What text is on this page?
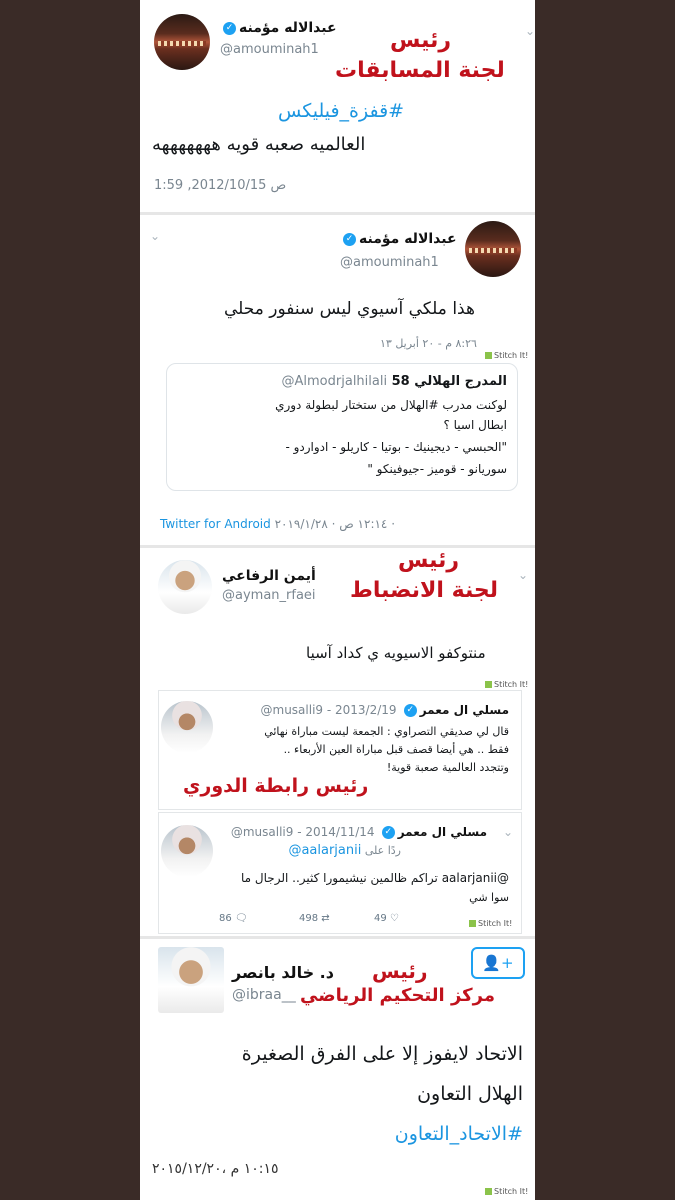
عبدالاله مؤمنه✓
@amouminah1
⌄
رئيس
لجنة المسابقات
#قفزة_فيليكس
العالميه صعبه قويه هههههههه
1:59 ,2012/10/15 ص
⌄	عبدالاله مؤمنه✓
@amouminah1
هذا ملكي آسيوي ليس سنفور محلي
٨:٢٦ م - ٢٠ أبريل ١٣
Stitch It!
المدرج الهلالي 58 @Almodrjalhilali
لوكنت مدرب #الهلال من ستختار لبطولة دوري
ابطال اسيا ؟
"الحبسي - ديجينيك - بوتيا - كاريلو - ادواردو -
سوريانو - قوميز -جيوفينكو "
Twitter for Android ١٢:١٤ ص · ٢٠١٩/١/٢٨ ·
أيمن الرفاعي
@ayman_rfaei
⌄
رئيس
لجنة الانضباط
منتوكفو الاسيويه ي كداد آسيا
Stitch It!
مسلي ال معمر✓ @musalli9 - 2013/2/19
قال لي صديقي التصراوي : الجمعة ليست مباراة نهائي
فقط .. هي أيضا قصف قبل مباراة العين الأربعاء ..
وتتجدد العالمية صعبة قوية!
رئيس رابطة الدوري
⌄
مسلي ال معمر✓ @musalli9 - 2014/11/14
ردًا على @aalarjanii
@aalarjanii تراكم ظالمين نيشيمورا كثير.. الرجال ما
سوا شي
86 🗨	498 ⇄	49 ♡	Stitch It!
👤+
د. خالد بانصر
@ibraa__
رئيس
مركز التحكيم الرياضي
الاتحاد لايفوز إلا على الفرق الصغيرة
الهلال التعاون
#الاتحاد_التعاون
١٠:١٥ م ،٢٠١٥/١٢/٢٠
Stitch It!
